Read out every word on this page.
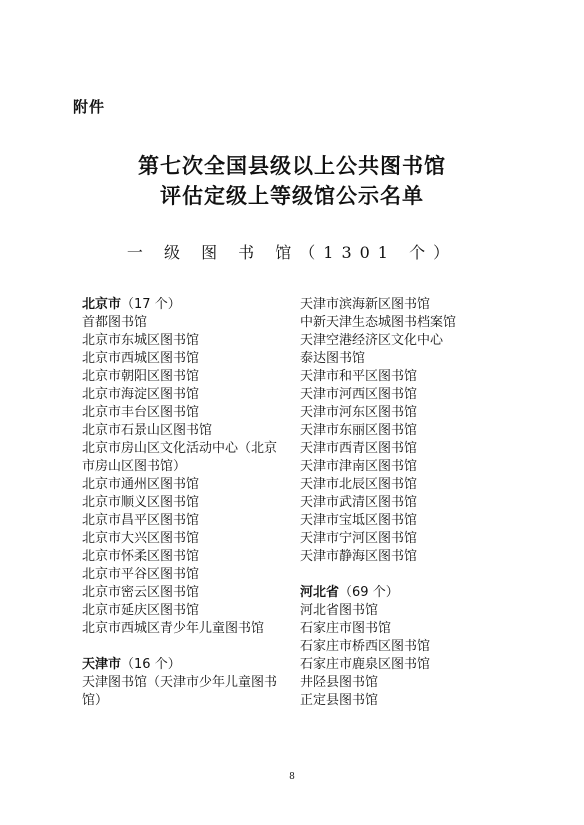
附件
第七次全国县级以上公共图书馆
评估定级上等级馆公示名单
一 级 图 书 馆（1301 个）
北京市（17 个）
首都图书馆
北京市东城区图书馆
北京市西城区图书馆
北京市朝阳区图书馆
北京市海淀区图书馆
北京市丰台区图书馆
北京市石景山区图书馆
北京市房山区文化活动中心（北京市房山区图书馆）
北京市通州区图书馆
北京市顺义区图书馆
北京市昌平区图书馆
北京市大兴区图书馆
北京市怀柔区图书馆
北京市平谷区图书馆
北京市密云区图书馆
北京市延庆区图书馆
北京市西城区青少年儿童图书馆
天津市（16 个）
天津图书馆（天津市少年儿童图书馆）
天津市滨海新区图书馆
中新天津生态城图书档案馆
天津空港经济区文化中心
泰达图书馆
天津市和平区图书馆
天津市河西区图书馆
天津市河东区图书馆
天津市东丽区图书馆
天津市西青区图书馆
天津市津南区图书馆
天津市北辰区图书馆
天津市武清区图书馆
天津市宝坻区图书馆
天津市宁河区图书馆
天津市静海区图书馆
河北省（69 个）
河北省图书馆
石家庄市图书馆
石家庄市桥西区图书馆
石家庄市鹿泉区图书馆
井陉县图书馆
正定县图书馆
8
